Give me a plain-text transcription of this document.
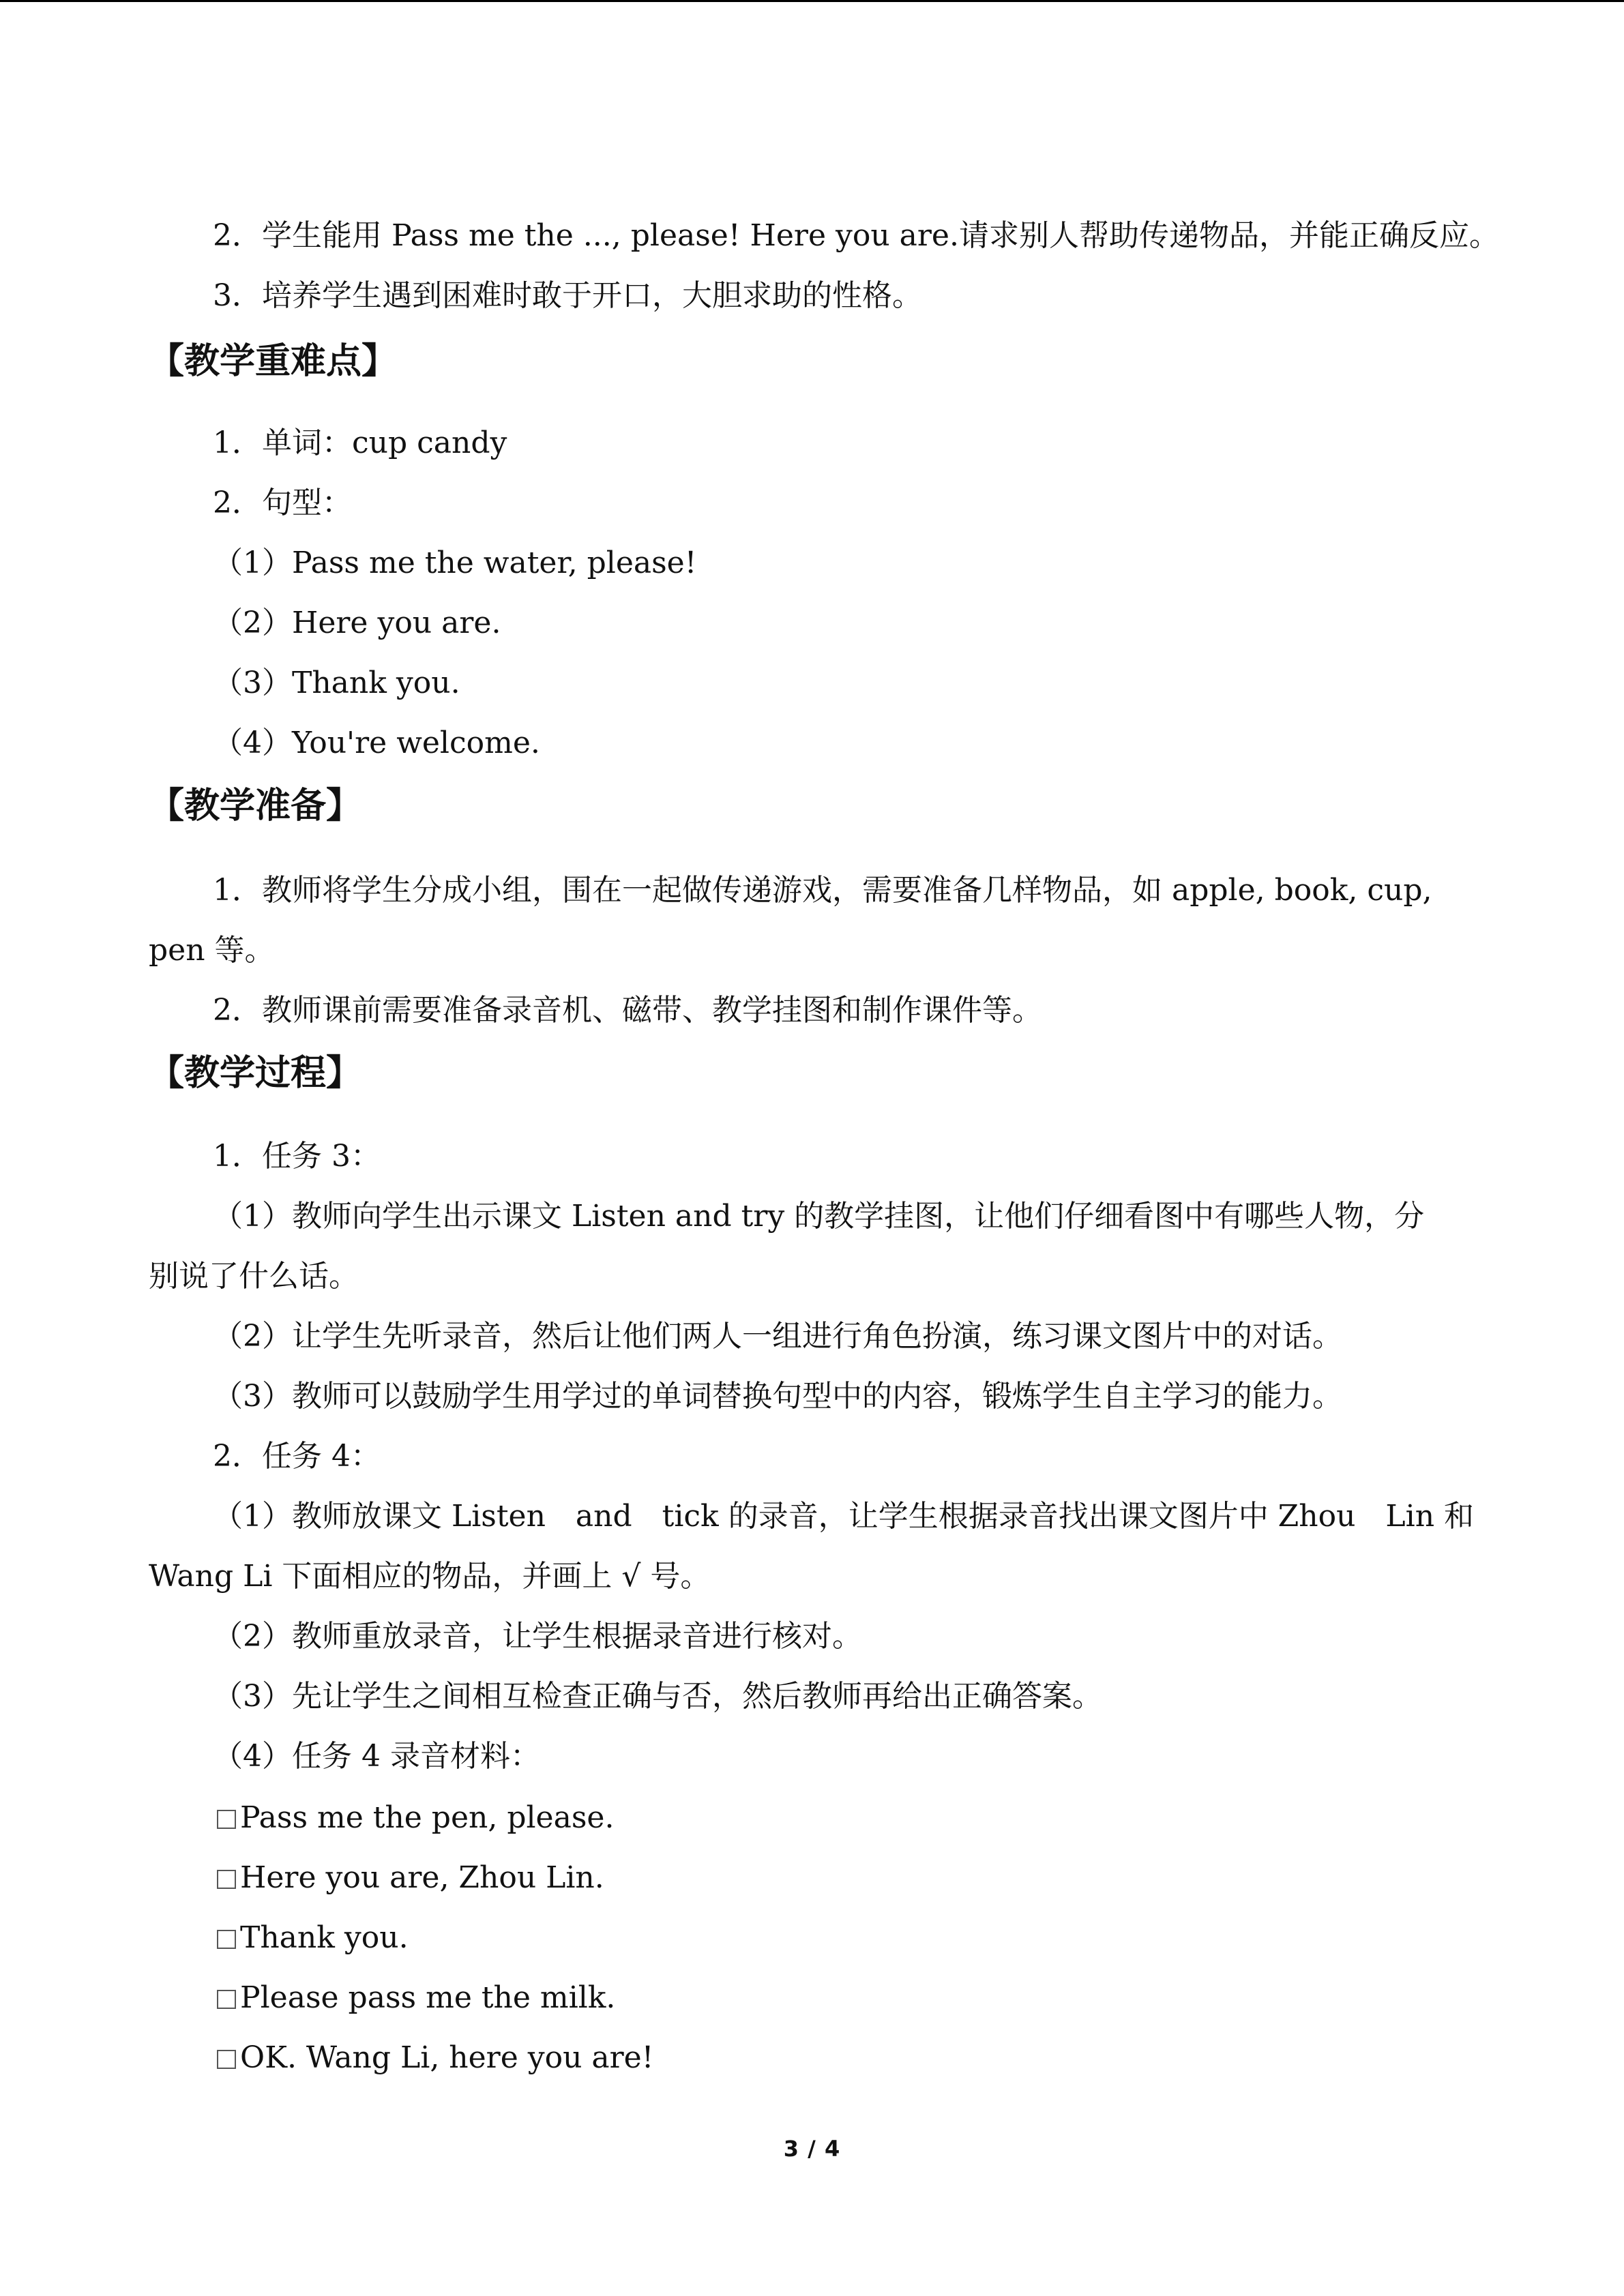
2．学生能用 Pass me the ..., please! Here you are.请求别人帮助传递物品，并能正确反应。
3．培养学生遇到困难时敢于开口，大胆求助的性格。
【教学重难点】
1．单词：cup candy
2．句型：
（1）Pass me the water, please!
（2）Here you are.
（3）Thank you.
（4）You're welcome.
【教学准备】
1．教师将学生分成小组，围在一起做传递游戏，需要准备几样物品，如 apple, book, cup,
pen 等。
2．教师课前需要准备录音机、磁带、教学挂图和制作课件等。
【教学过程】
1．任务 3：
（1）教师向学生出示课文 Listen and try 的教学挂图，让他们仔细看图中有哪些人物，分
别说了什么话。
（2）让学生先听录音，然后让他们两人一组进行角色扮演，练习课文图片中的对话。
（3）教师可以鼓励学生用学过的单词替换句型中的内容，锻炼学生自主学习的能力。
2．任务 4：
（1）教师放课文 Listen　and　tick 的录音，让学生根据录音找出课文图片中 Zhou　Lin 和
Wang Li 下面相应的物品，并画上 √ 号。
（2）教师重放录音，让学生根据录音进行核对。
（3）先让学生之间相互检查正确与否，然后教师再给出正确答案。
（4）任务 4 录音材料：
Pass me the pen, please.
Here you are, Zhou Lin.
Thank you.
Please pass me the milk.
OK. Wang Li, here you are!
3 / 4
